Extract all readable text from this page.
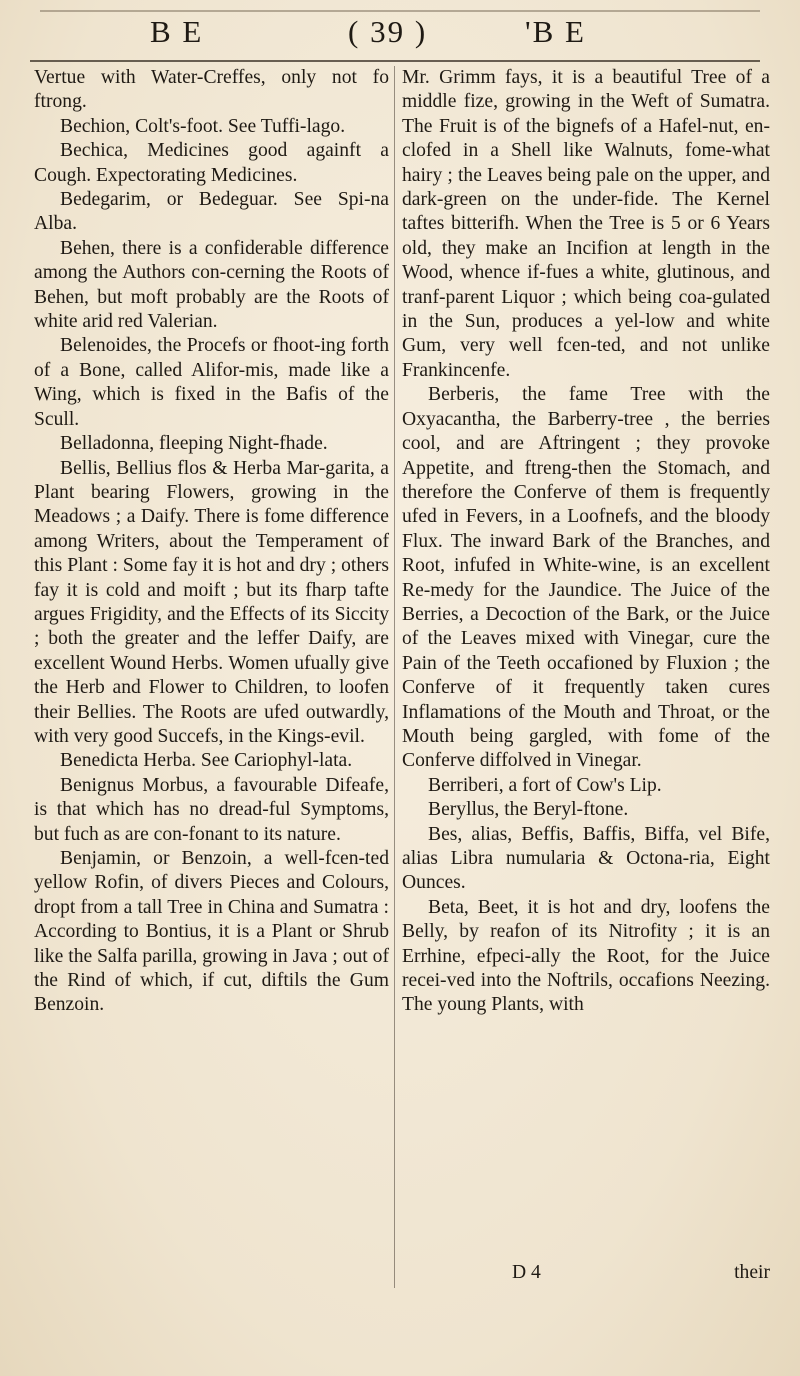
B E	( 39 )	'B E

Vertue with Water-Creffes, only not fo ftrong.

Bechion, Colt's-foot. See Tuffi-lago.

Bechica, Medicines good againft a Cough. Expectorating Medicines.

Bedegarim, or Bedeguar. See Spi-na Alba.

Behen, there is a confiderable difference among the Authors con-cerning the Roots of Behen, but moft probably are the Roots of white arid red Valerian.

Belenoides, the Procefs or fhoot-ing forth of a Bone, called Alifor-mis, made like a Wing, which is fixed in the Bafis of the Scull.

Belladonna, fleeping Night-fhade.

Bellis, Bellius flos & Herba Mar-garita, a Plant bearing Flowers, growing in the Meadows ; a Daify. There is fome difference among Writers, about the Temperament of this Plant : Some fay it is hot and dry ; others fay it is cold and moift ; but its fharp tafte argues Frigidity, and the Effects of its Siccity ; both the greater and the leffer Daify, are excellent Wound Herbs. Women ufually give the Herb and Flower to Children, to loofen their Bellies. The Roots are ufed outwardly, with very good Succefs, in the Kings-evil.

Benedicta Herba. See Cariophyl-lata.

Benignus Morbus, a favourable Difeafe, is that which has no dread-ful Symptoms, but fuch as are con-fonant to its nature.

Benjamin, or Benzoin, a well-fcen-ted yellow Rofin, of divers Pieces and Colours, dropt from a tall Tree in China and Sumatra : According to Bontius, it is a Plant or Shrub like the Salfa parilla, growing in Java ; out of the Rind of which, if cut, diftils the Gum Benzoin.

Mr. Grimm fays, it is a beautiful Tree of a middle fize, growing in the Weft of Sumatra. The Fruit is of the bignefs of a Hafel-nut, en-clofed in a Shell like Walnuts, fome-what hairy ; the Leaves being pale on the upper, and dark-green on the under-fide. The Kernel taftes bitterifh. When the Tree is 5 or 6 Years old, they make an Incifion at length in the Wood, whence if-fues a white, glutinous, and tranf-parent Liquor ; which being coa-gulated in the Sun, produces a yel-low and white Gum, very well fcen-ted, and not unlike Frankincenfe.

Berberis, the fame Tree with the Oxyacantha, the Barberry-tree , the berries cool, and are Aftringent ; they provoke Appetite, and ftreng-then the Stomach, and therefore the Conferve of them is frequently ufed in Fevers, in a Loofnefs, and the bloody Flux. The inward Bark of the Branches, and Root, infufed in White-wine, is an excellent Re-medy for the Jaundice. The Juice of the Berries, a Decoction of the Bark, or the Juice of the Leaves mixed with Vinegar, cure the Pain of the Teeth occafioned by Fluxion ; the Conferve of it frequently taken cures Inflamations of the Mouth and Throat, or the Mouth being gargled, with fome of the Conferve diffolved in Vinegar.

Berriberi, a fort of Cow's Lip.

Beryllus, the Beryl-ftone.

Bes, alias, Beffis, Baffis, Biffa, vel Bife, alias Libra numularia & Octona-ria, Eight Ounces.

Beta, Beet, it is hot and dry, loofens the Belly, by reafon of its Nitrofity ; it is an Errhine, efpeci-ally the Root, for the Juice recei-ved into the Noftrils, occafions Neezing. The young Plants, with

D 4	their
